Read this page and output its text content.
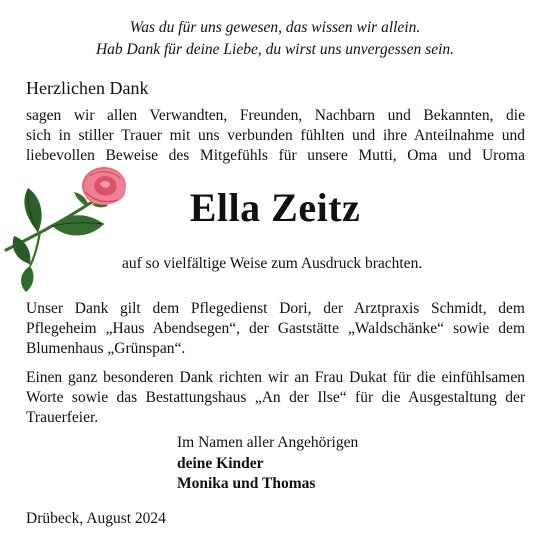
Was du für uns gewesen, das wissen wir allein.
Hab Dank für deine Liebe, du wirst uns unvergessen sein.
Herzlichen Dank
sagen wir allen Verwandten, Freunden, Nachbarn und Bekannten, die
sich in stiller Trauer mit uns verbunden fühlten und ihre Anteilnahme und
liebevollen Beweise des Mitgefühls für unsere Mutti, Oma und Uroma
Ella Zeitz
auf so vielfältige Weise zum Ausdruck brachten.
Unser Dank gilt dem Pflegedienst Dori, der Arztpraxis Schmidt, dem
Pflegeheim „Haus Abendsegen“, der Gaststätte „Waldschänke“ sowie dem
Blumenhaus „Grünspan“.
Einen ganz besonderen Dank richten wir an Frau Dukat für die einfühlsamen
Worte sowie das Bestattungshaus „An der Ilse“ für die Ausgestaltung der
Trauerfeier.
Im Namen aller Angehörigen
deine Kinder
Monika und Thomas
Drübeck, August 2024
